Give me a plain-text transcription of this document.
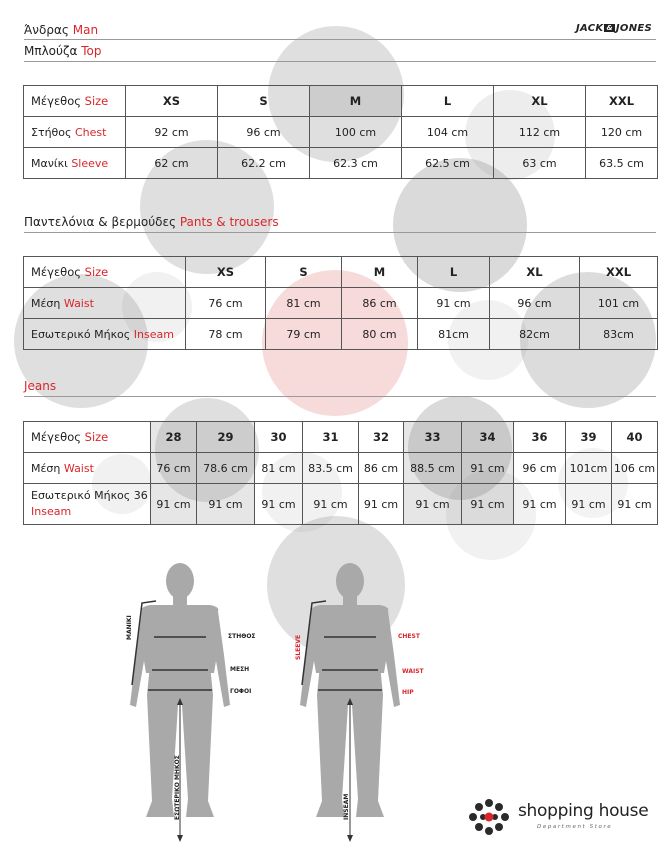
Άνδρας Man	JACK & JONES
Μπλούζα Top
Μέγεθος Size	XS	S	M	L	XL	XXL
Στήθος Chest	92 cm	96 cm	100 cm	104 cm	112 cm	120 cm
Μανίκι Sleeve	62 cm	62.2 cm	62.3 cm	62.5 cm	63 cm	63.5 cm
Παντελόνια & βερμούδες Pants & trousers
Μέγεθος Size	XS	S	M	L	XL	XXL
Μέση Waist	76 cm	81 cm	86 cm	91 cm	96 cm	101 cm
Εσωτερικό Μήκος Inseam	78 cm	79 cm	80 cm	81cm	82cm	83cm
Jeans
Μέγεθος Size	28	29	30	31	32	33	34	36	39	40
Μέση Waist	76 cm	78.6 cm	81 cm	83.5 cm	86 cm	88.5 cm	91 cm	96 cm	101cm	106 cm
Εσωτερικό Μήκος 36
Inseam	91 cm	91 cm	91 cm	91 cm	91 cm	91 cm	91 cm	91 cm	91 cm	91 cm
ΜΑΝΙΚΙ	ΣΤΗΘΟΣ
ΜΕΣΗ
ΓΟΦΟΙ
ΕΣΩΤΕΡΙΚΟ ΜΗΚΟΣ
SLEEVE	CHEST
WAIST
HIP
INSEAM	shopping house
Department Store
